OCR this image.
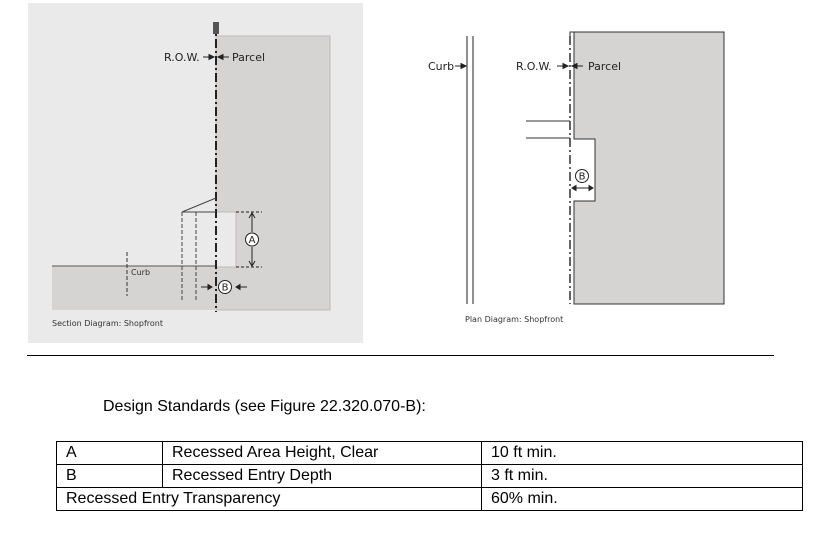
A
B
R.O.W.	Parcel
Curb
Section Diagram: Shopfront
B
Curb	R.O.W.	Parcel
Plan Diagram: Shopfront
Design Standards (see Figure 22.320.070-B):
A	Recessed Area Height, Clear	10 ft min.
B	Recessed Entry Depth	3 ft min.
Recessed Entry Transparency		60% min.
